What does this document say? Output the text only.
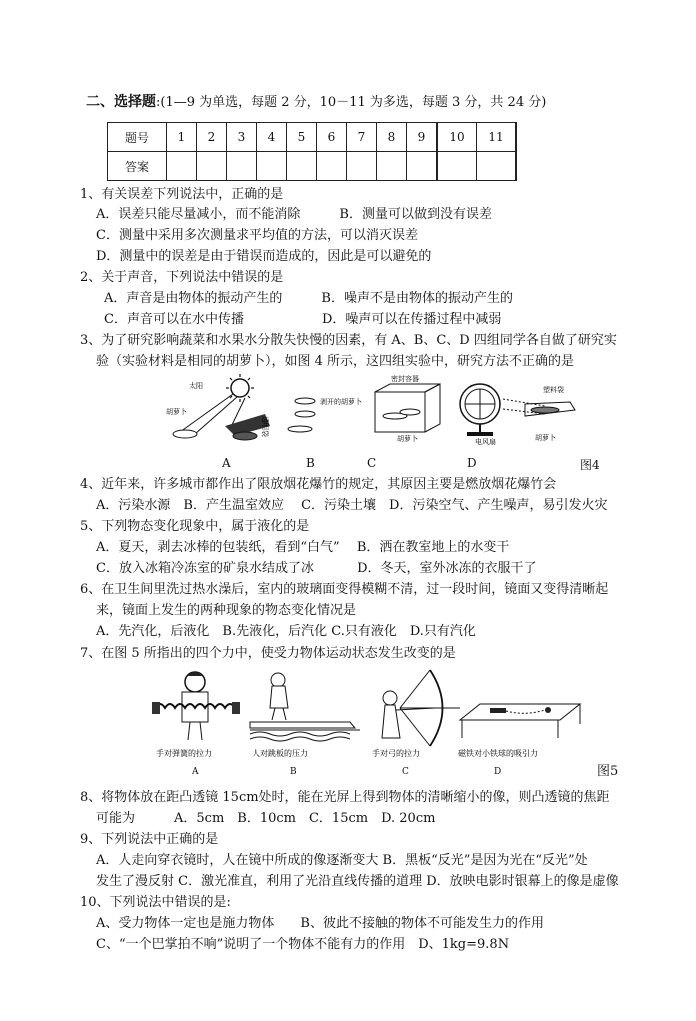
二、选择题:(1—9 为单选，每题 2 分，10－11 为多选，每题 3 分，共 24 分)
题号	1	2	3	4	5	6	7	8	9	10	11
答案											
1、有关误差下列说法中，正确的是
A．误差只能尽量减小，而不能消除　　　B．测量可以做到没有误差
C．测量中采用多次测量求平均值的方法，可以消灭误差
D．测量中的误差是由于错误而造成的，因此是可以避免的
2、关于声音，下列说法中错误的是
A．声音是由物体的振动产生的　　　B．噪声不是由物体的振动产生的
C．声音可以在水中传播　　　　　　D．噪声可以在传播过程中减弱
3、为了研究影响蔬菜和水果水分散失快慢的因素，有 A、B、C、D 四组同学各自做了研究实
验（实验材料是相同的胡萝卜），如图 4 所示，这四组实验中，研究方法不正确的是
太阳
胡萝卜
透明袋
剥开的胡萝卜
密封容器
胡萝卜	电风扇
塑料袋
胡萝卜
A	B	C	D	图4
4、近年来，许多城市都作出了限放烟花爆竹的规定，其原因主要是燃放烟花爆竹会
A．污染水源　B．产生温室效应　 C．污染土壤　D．污染空气、产生噪声，易引发火灾
5、下列物态变化现象中，属于液化的是
A．夏天，剥去冰棒的包装纸，看到“白气”　 B．洒在教室地上的水变干
C．放入冰箱冷冻室的矿泉水结成了冰　　　 D．冬天，室外冰冻的衣服干了
6、在卫生间里洗过热水澡后，室内的玻璃面变得模糊不清，过一段时间，镜面又变得清晰起
来，镜面上发生的两种现象的物态变化情况是
A．先汽化，后液化　B.先液化，后汽化 C.只有液化　D.只有汽化
7、在图 5 所指出的四个力中，使受力物体运动状态发生改变的是
手对弹簧的拉力	人对跳板的压力	手对弓的拉力	磁铁对小铁球的吸引力
A	B	C	D	图5
8、将物体放在距凸透镜 15cm处时，能在光屏上得到物体的清晰缩小的像，则凸透镜的焦距
可能为　　　A．5cm　B．10cm　C．15cm　D. 20cm
9、下列说法中正确的是
A．人走向穿衣镜时，人在镜中所成的像逐渐变大 B．黑板“反光”是因为光在“反光”处
发生了漫反射 C．激光准直，利用了光沿直线传播的道理 D．放映电影时银幕上的像是虚像
10、下列说法中错误的是:
A、受力物体一定也是施力物体　　B、彼此不接触的物体不可能发生力的作用
C、“一个巴掌拍不响”说明了一个物体不能有力的作用　D、1kg=9.8N
